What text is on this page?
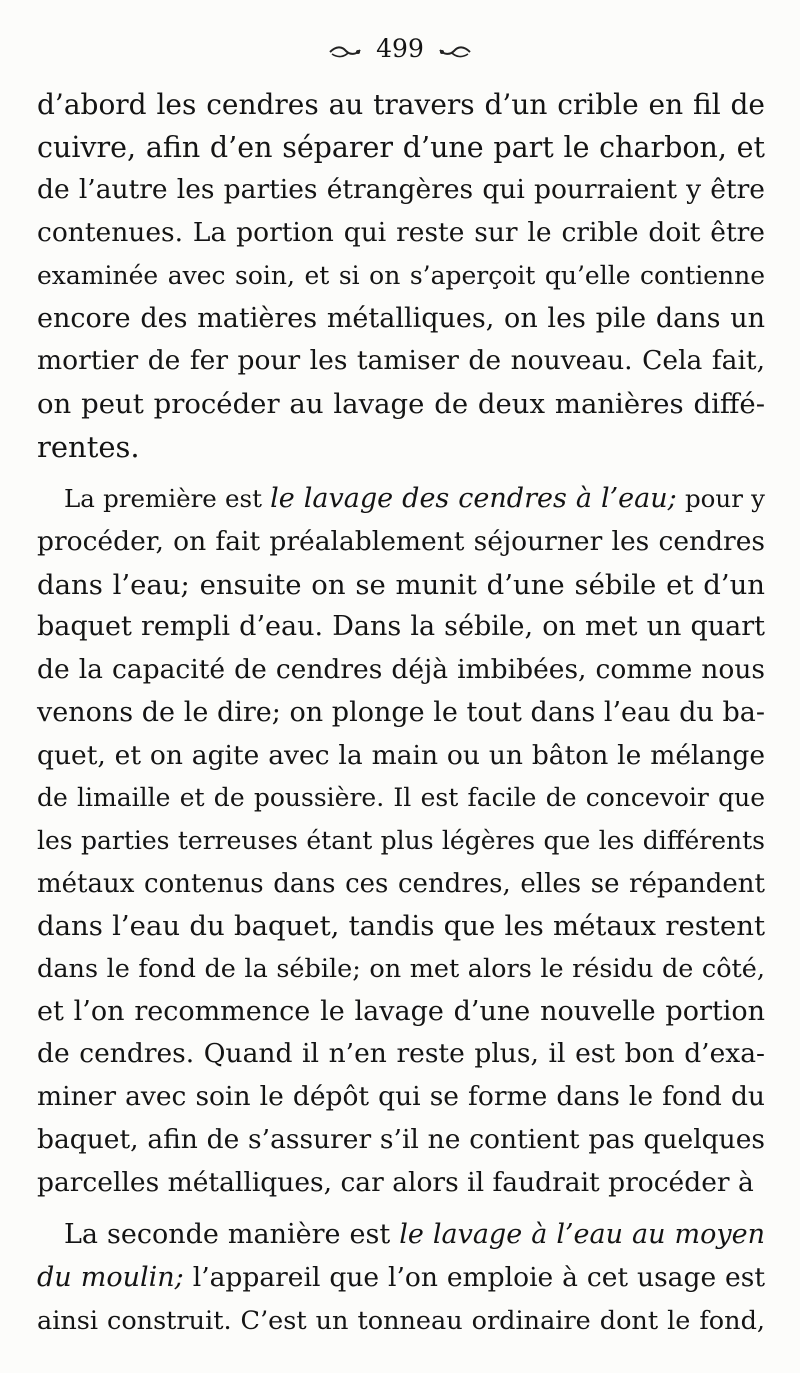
499
d’abord les cendres au travers d’un crible en fil de
cuivre, afin d’en séparer d’une part le charbon, et
de l’autre les parties étrangères qui pourraient y être
contenues. La portion qui reste sur le crible doit être
examinée avec soin, et si on s’aperçoit qu’elle contienne
encore des matières métalliques, on les pile dans un
mortier de fer pour les tamiser de nouveau. Cela fait,
on peut procéder au lavage de deux manières diffé-
rentes.
La première est le lavage des cendres à l’eau; pour y
procéder, on fait préalablement séjourner les cendres
dans l’eau; ensuite on se munit d’une sébile et d’un
baquet rempli d’eau. Dans la sébile, on met un quart
de la capacité de cendres déjà imbibées, comme nous
venons de le dire; on plonge le tout dans l’eau du ba-
quet, et on agite avec la main ou un bâton le mélange
de limaille et de poussière. Il est facile de concevoir que
les parties terreuses étant plus légères que les différents
métaux contenus dans ces cendres, elles se répandent
dans l’eau du baquet, tandis que les métaux restent
dans le fond de la sébile; on met alors le résidu de côté,
et l’on recommence le lavage d’une nouvelle portion
de cendres. Quand il n’en reste plus, il est bon d’exa-
miner avec soin le dépôt qui se forme dans le fond du
baquet, afin de s’assurer s’il ne contient pas quelques
parcelles métalliques, car alors il faudrait procéder à
La seconde manière est le lavage à l’eau au moyen
du moulin; l’appareil que l’on emploie à cet usage est
ainsi construit. C’est un tonneau ordinaire dont le fond,
